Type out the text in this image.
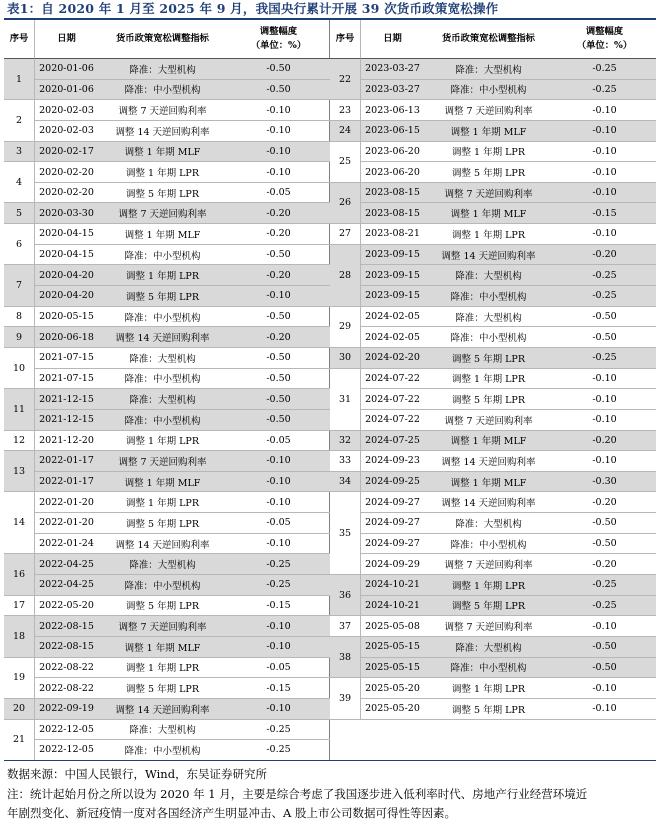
表1：自 2020 年 1 月至 2025 年 9 月，我国央行累计开展 39 次货币政策宽松操作
序号	日期	货币政策宽松调整指标
调整幅度
（单位：%）
1
2020-01-06	降准：大型机构	-0.50
2020-01-06	降准：中小型机构	-0.50
2
2020-02-03	调整 7 天逆回购利率	-0.10
2020-02-03	调整 14 天逆回购利率	-0.10
3	2020-02-17	调整 1 年期 MLF	-0.10
4
2020-02-20	调整 1 年期 LPR	-0.10
2020-02-20	调整 5 年期 LPR	-0.05
5	2020-03-30	调整 7 天逆回购利率	-0.20
6
2020-04-15	调整 1 年期 MLF	-0.20
2020-04-15	降准：中小型机构	-0.50
7
2020-04-20	调整 1 年期 LPR	-0.20
2020-04-20	调整 5 年期 LPR	-0.10
8	2020-05-15	降准：中小型机构	-0.50
9	2020-06-18	调整 14 天逆回购利率	-0.20
10
2021-07-15	降准：大型机构	-0.50
2021-07-15	降准：中小型机构	-0.50
11
2021-12-15	降准：大型机构	-0.50
2021-12-15	降准：中小型机构	-0.50
12	2021-12-20	调整 1 年期 LPR	-0.05
13
2022-01-17	调整 7 天逆回购利率	-0.10
2022-01-17	调整 1 年期 MLF	-0.10
14
2022-01-20	调整 1 年期 LPR	-0.10
2022-01-20	调整 5 年期 LPR	-0.05
2022-01-24	调整 14 天逆回购利率	-0.10
16
2022-04-25	降准：大型机构	-0.25
2022-04-25	降准：中小型机构	-0.25
17	2022-05-20	调整 5 年期 LPR	-0.15
18
2022-08-15	调整 7 天逆回购利率	-0.10
2022-08-15	调整 1 年期 MLF	-0.10
19
2022-08-22	调整 1 年期 LPR	-0.05
2022-08-22	调整 5 年期 LPR	-0.15
20	2022-09-19	调整 14 天逆回购利率	-0.10
21
2022-12-05	降准：大型机构	-0.25
2022-12-05	降准：中小型机构	-0.25
序号	日期	货币政策宽松调整指标
调整幅度
（单位：%）
22
2023-03-27	降准：大型机构	-0.25
2023-03-27	降准：中小型机构	-0.25
23	2023-06-13	调整 7 天逆回购利率	-0.10
24	2023-06-15	调整 1 年期 MLF	-0.10
25
2023-06-20	调整 1 年期 LPR	-0.10
2023-06-20	调整 5 年期 LPR	-0.10
26
2023-08-15	调整 7 天逆回购利率	-0.10
2023-08-15	调整 1 年期 MLF	-0.15
27	2023-08-21	调整 1 年期 LPR	-0.10
28
2023-09-15	调整 14 天逆回购利率	-0.20
2023-09-15	降准：大型机构	-0.25
2023-09-15	降准：中小型机构	-0.25
29
2024-02-05	降准：大型机构	-0.50
2024-02-05	降准：中小型机构	-0.50
30	2024-02-20	调整 5 年期 LPR	-0.25
31
2024-07-22	调整 1 年期 LPR	-0.10
2024-07-22	调整 5 年期 LPR	-0.10
2024-07-22	调整 7 天逆回购利率	-0.10
32	2024-07-25	调整 1 年期 MLF	-0.20
33	2024-09-23	调整 14 天逆回购利率	-0.10
34	2024-09-25	调整 1 年期 MLF	-0.30
35
2024-09-27	调整 14 天逆回购利率	-0.20
2024-09-27	降准：大型机构	-0.50
2024-09-27	降准：中小型机构	-0.50
2024-09-29	调整 7 天逆回购利率	-0.20
36
2024-10-21	调整 1 年期 LPR	-0.25
2024-10-21	调整 5 年期 LPR	-0.25
37	2025-05-08	调整 7 天逆回购利率	-0.10
38
2025-05-15	降准：大型机构	-0.50
2025-05-15	降准：中小型机构	-0.50
39
2025-05-20	调整 1 年期 LPR	-0.10
2025-05-20	调整 5 年期 LPR	-0.10
数据来源：中国人民银行，Wind，东吴证券研究所
注：统计起始月份之所以设为 2020 年 1 月，主要是综合考虑了我国逐步进入低利率时代、房地产行业经营环境近
年剧烈变化、新冠疫情一度对各国经济产生明显冲击、A 股上市公司数据可得性等因素。
